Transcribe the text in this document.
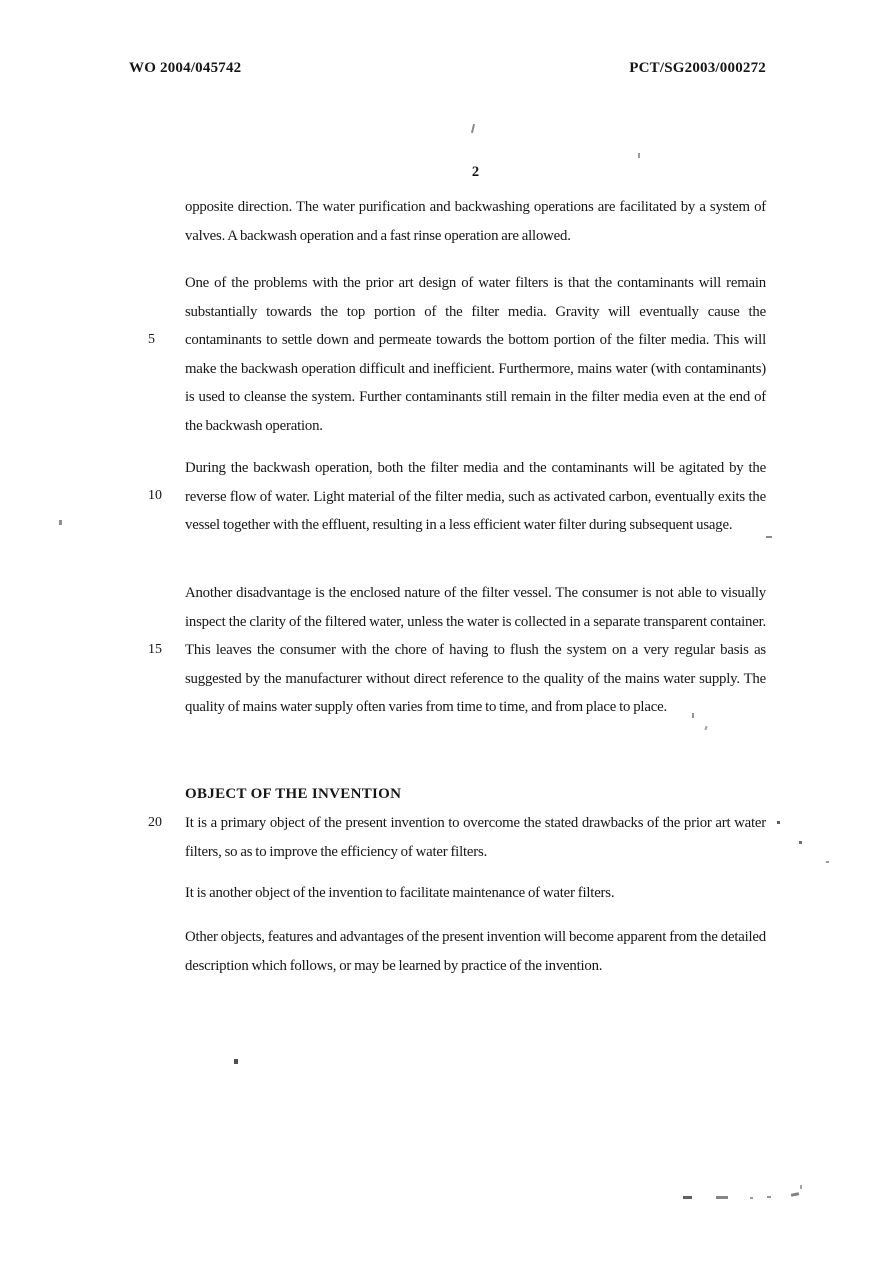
WO 2004/045742	PCT/SG2003/000272
2
5
10
15
20
opposite direction. The water purification and backwashing operations are facilitated by a system of valves. A backwash operation and a fast rinse operation are allowed.
One of the problems with the prior art design of water filters is that the contaminants will remain substantially towards the top portion of the filter media. Gravity will eventually cause the contaminants to settle down and permeate towards the bottom portion of the filter media. This will make the backwash operation difficult and inefficient. Furthermore, mains water (with contaminants) is used to cleanse the system. Further contaminants still remain in the filter media even at the end of the backwash operation.
During the backwash operation, both the filter media and the contaminants will be agitated by the reverse flow of water. Light material of the filter media, such as activated carbon, eventually exits the vessel together with the effluent, resulting in a less efficient water filter during subsequent usage.
Another disadvantage is the enclosed nature of the filter vessel. The consumer is not able to visually inspect the clarity of the filtered water, unless the water is collected in a separate transparent container. This leaves the consumer with the chore of having to flush the system on a very regular basis as suggested by the manufacturer without direct reference to the quality of the mains water supply. The quality of mains water supply often varies from time to time, and from place to place.
OBJECT OF THE INVENTION
It is a primary object of the present invention to overcome the stated drawbacks of the prior art water filters, so as to improve the efficiency of water filters.
It is another object of the invention to facilitate maintenance of water filters.
Other objects, features and advantages of the present invention will become apparent from the detailed description which follows, or may be learned by practice of the invention.
